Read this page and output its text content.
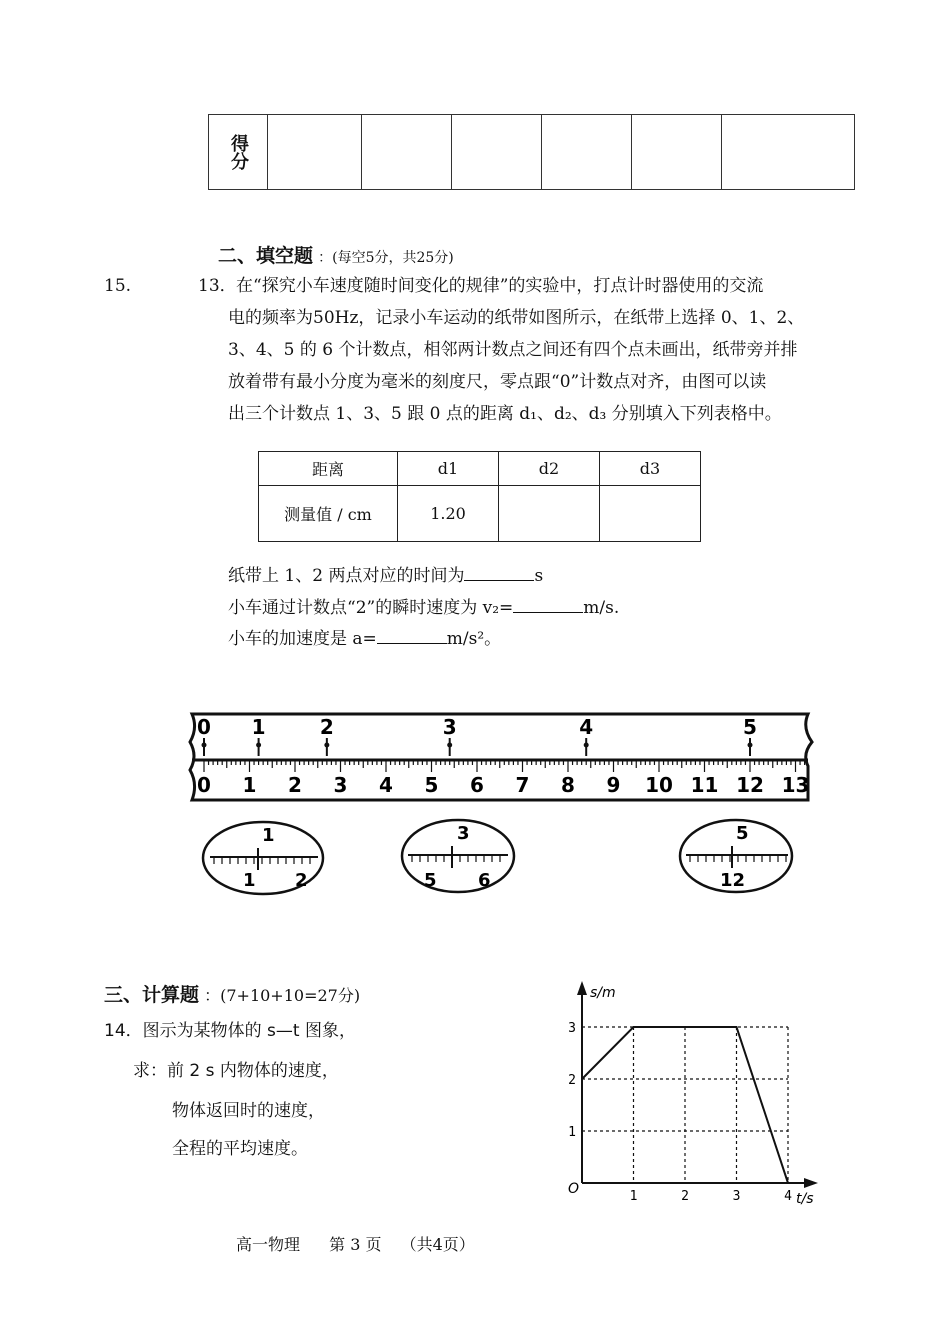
得分						
二、填空题 ：(每空5分，共25分)
15.	13． 在“探究小车速度随时间变化的规律”的实验中，打点计时器使用的交流
电的频率为50Hz，记录小车运动的纸带如图所示，在纸带上选择 0、1、2、
3、4、5 的 6 个计数点，相邻两计数点之间还有四个点未画出，纸带旁并排
放着带有最小分度为毫米的刻度尺，零点跟“0”计数点对齐，由图可以读
出三个计数点 1、3、5 跟 0 点的距离 d₁、d₂、d₃ 分别填入下列表格中。
距离	d1	d2	d3
测量值 / cm	1.20		
纸带上 1、2 两点对应的时间为	s
小车通过计数点“2”的瞬时速度为 v₂=	m/s.
小车的加速度是 a=	m/s²。
0 1	2	3	4	5
0 1 2 3 4 5 6 7 8 9 10 11 12 13
1
1 2
3
5 6
5
12
三、计算题 ：(7+10+10=27分)
14．图示为某物体的 s—t 图象，
求：前 2 s 内物体的速度，
物体返回时的速度，
全程的平均速度。
s/m
t/s
O	1	2	3	4
1
2
3
高一物理 第 3 页 （共4页）
